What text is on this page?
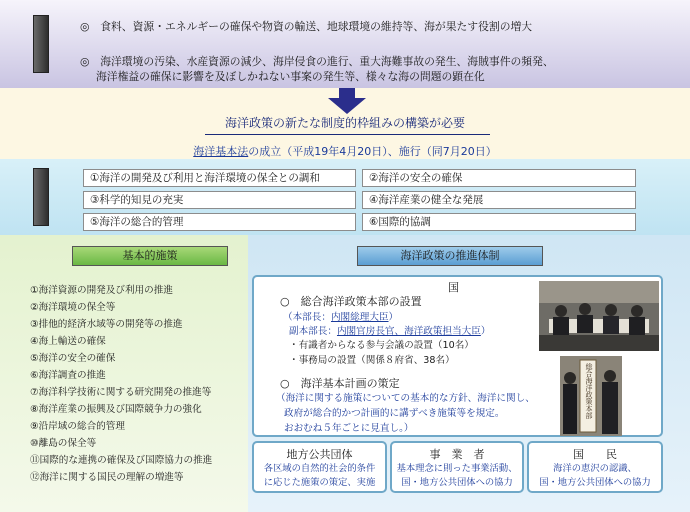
◎　食料、資源・エネルギーの確保や物資の輸送、地球環境の維持等、海が果たす役割の増大
◎　海洋環境の汚染、水産資源の減少、海岸侵食の進行、重大海難事故の発生、海賊事件の頻発、
海洋権益の確保に影響を及ぼしかねない事案の発生等、様々な海の問題の顕在化
海洋政策の新たな制度的枠組みの構築が必要
海洋基本法の成立（平成19年4月20日）、施行（同7月20日）
①海洋の開発及び利用と海洋環境の保全との調和	②海洋の安全の確保
③科学的知見の充実	④海洋産業の健全な発展
⑤海洋の総合的管理	⑥国際的協調
基本的施策
①海洋資源の開発及び利用の推進
②海洋環境の保全等
③排他的経済水域等の開発等の推進
④海上輸送の確保
⑤海洋の安全の確保
⑥海洋調査の推進
⑦海洋科学技術に関する研究開発の推進等
⑧海洋産業の振興及び国際競争力の強化
⑨沿岸域の総合的管理
⑩離島の保全等
⑪国際的な連携の確保及び国際協力の推進
⑫海洋に関する国民の理解の増進等
海洋政策の推進体制
国
○　総合海洋政策本部の設置
（本部長：内閣総理大臣）
副本部長：内閣官房長官、海洋政策担当大臣）
・有識者からなる参与会議の設置（10名）
・事務局の設置（関係８府省、38名）
○　海洋基本計画の策定
（海洋に関する施策についての基本的な方針、海洋に関し、
政府が総合的かつ計画的に講ずべき施策等を規定。
おおむね５年ごとに見直し。）
総合海洋政策本部
地方公共団体
各区域の自然的社会的条件
に応じた施策の策定、実施
事　業　者
基本理念に則った事業活動、
国・地方公共団体への協力
国　　民
海洋の恵沢の認識、
国・地方公共団体への協力
